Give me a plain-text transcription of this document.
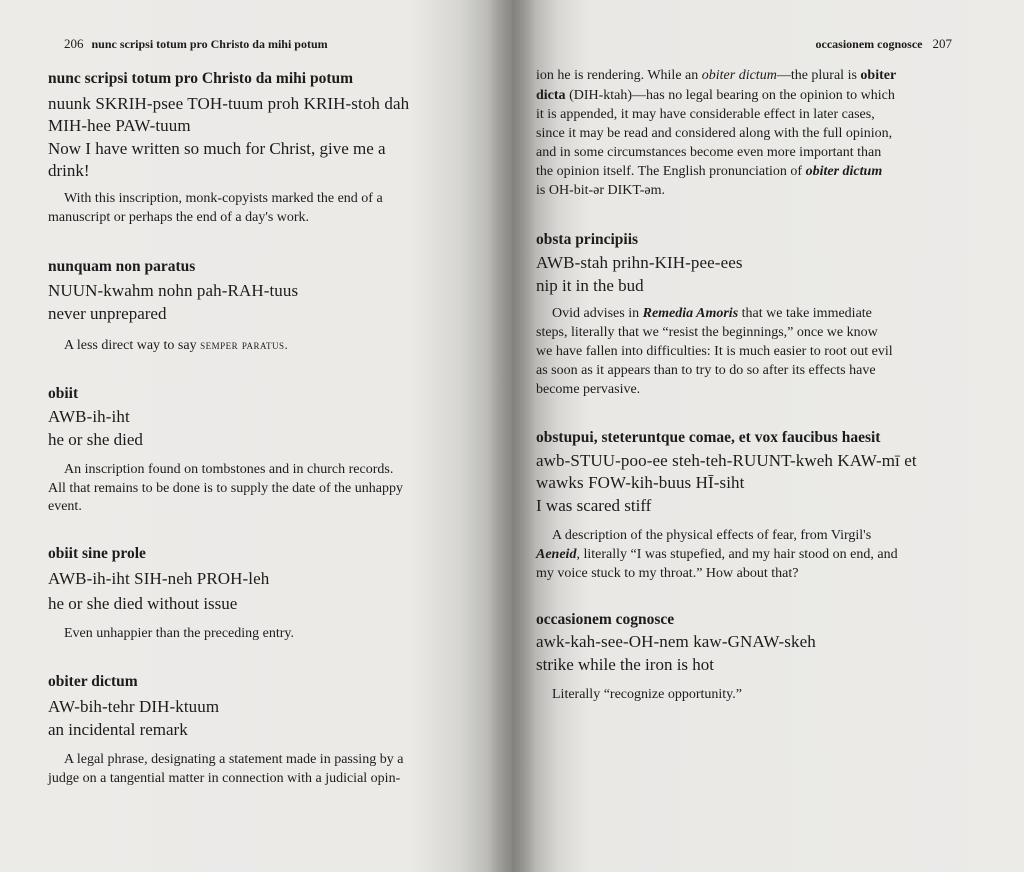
206 nunc scripsi totum pro Christo da mihi potum
nunc scripsi totum pro Christo da mihi potum
nuunk SKRIH-psee TOH-tuum proh KRIH-stoh dah
MIH-hee PAW-tuum
Now I have written so much for Christ, give me a
drink!
With this inscription, monk-copyists marked the end of a
manuscript or perhaps the end of a day's work.
nunquam non paratus
NUUN-kwahm nohn pah-RAH-tuus
never unprepared
A less direct way to say semper paratus.
obiit
AWB-ih-iht
he or she died
An inscription found on tombstones and in church records.
All that remains to be done is to supply the date of the unhappy
event.
obiit sine prole
AWB-ih-iht SIH-neh PROH-leh
he or she died without issue
Even unhappier than the preceding entry.
obiter dictum
AW-bih-tehr DIH-ktuum
an incidental remark
A legal phrase, designating a statement made in passing by a
judge on a tangential matter in connection with a judicial opin-
occasionem cognosce 207
ion he is rendering. While an obiter dictum—the plural is obiter
dicta (DIH-ktah)—has no legal bearing on the opinion to which
it is appended, it may have considerable effect in later cases,
since it may be read and considered along with the full opinion,
and in some circumstances become even more important than
the opinion itself. The English pronunciation of obiter dictum
is OH-bit-ər DIKT-əm.
obsta principiis
AWB-stah prihn-KIH-pee-ees
nip it in the bud
Ovid advises in Remedia Amoris that we take immediate
steps, literally that we “resist the beginnings,” once we know
we have fallen into difficulties: It is much easier to root out evil
as soon as it appears than to try to do so after its effects have
become pervasive.
obstupui, steteruntque comae, et vox faucibus haesit
awb-STUU-poo-ee steh-teh-RUUNT-kweh KAW-mī et
wawks FOW-kih-buus HĪ-siht
I was scared stiff
A description of the physical effects of fear, from Virgil's
Aeneid, literally “I was stupefied, and my hair stood on end, and
my voice stuck to my throat.” How about that?
occasionem cognosce
awk-kah-see-OH-nem kaw-GNAW-skeh
strike while the iron is hot
Literally “recognize opportunity.”
